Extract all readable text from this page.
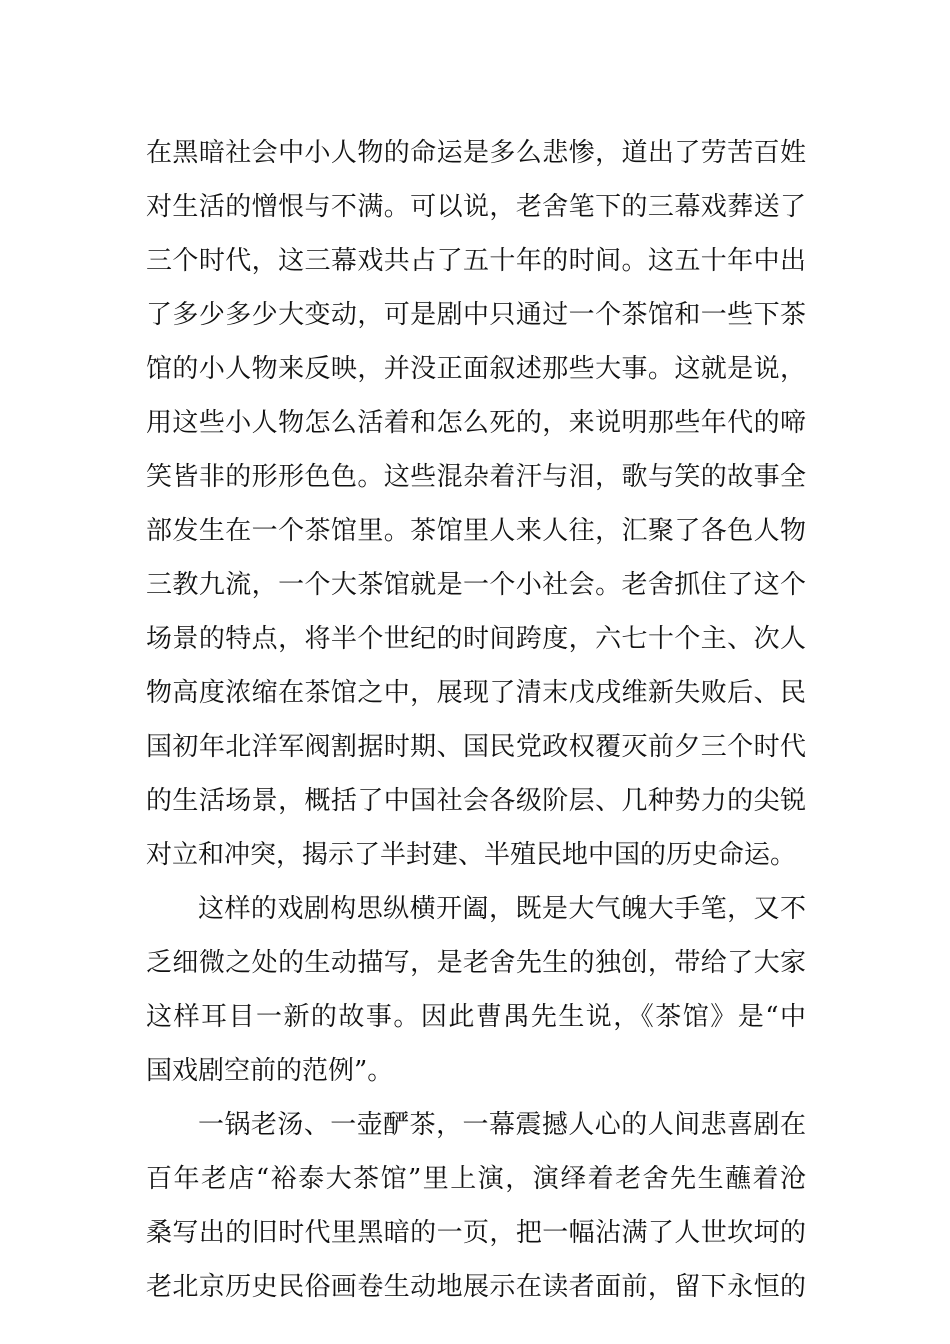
在黑暗社会中小人物的命运是多么悲惨，道出了劳苦百姓
对生活的憎恨与不满。可以说，老舍笔下的三幕戏葬送了
三个时代，这三幕戏共占了五十年的时间。这五十年中出
了多少多少大变动，可是剧中只通过一个茶馆和一些下茶
馆的小人物来反映，并没正面叙述那些大事。这就是说，
用这些小人物怎么活着和怎么死的，来说明那些年代的啼
笑皆非的形形色色。这些混杂着汗与泪，歌与笑的故事全
部发生在一个茶馆里。茶馆里人来人往，汇聚了各色人物
三教九流，一个大茶馆就是一个小社会。老舍抓住了这个
场景的特点，将半个世纪的时间跨度，六七十个主、次人
物高度浓缩在茶馆之中，展现了清末戊戌维新失败后、民
国初年北洋军阀割据时期、国民党政权覆灭前夕三个时代
的生活场景，概括了中国社会各级阶层、几种势力的尖锐
对立和冲突，揭示了半封建、半殖民地中国的历史命运。
这样的戏剧构思纵横开阖，既是大气魄大手笔，又不
乏细微之处的生动描写，是老舍先生的独创，带给了大家
这样耳目一新的故事。因此曹禺先生说，《茶馆》是“中
国戏剧空前的范例”。
一锅老汤、一壶酽茶，一幕震撼人心的人间悲喜剧在
百年老店“裕泰大茶馆”里上演，演绎着老舍先生蘸着沧
桑写出的旧时代里黑暗的一页，把一幅沾满了人世坎坷的
老北京历史民俗画卷生动地展示在读者面前，留下永恒的
